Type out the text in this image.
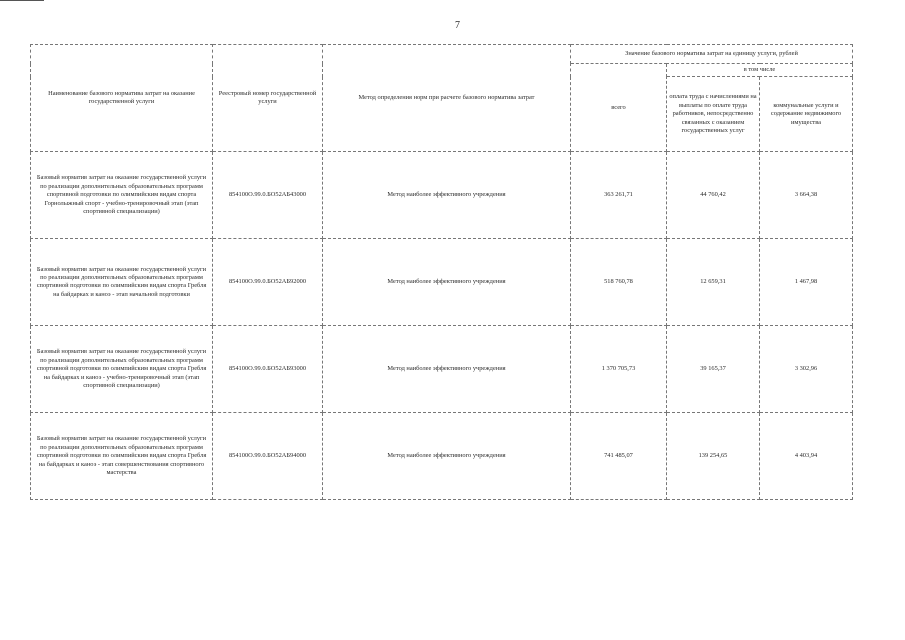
7
Наименование базового норматива затрат на оказание государственной услуги	Реестровый номер государственной услуги	Метод определения норм при расчете базового норматива затрат	Значение базового норматива затрат на единицу услуги, рублей		
			всего	в том числе	
				оплата труда с начислениями на выплаты по оплате труда работников, непосредственно связанных с оказанием государственных услуг	коммунальные услуги и содержание недвижимого имущества
Базовый норматив затрат на оказание государственной услуги по реализации дополнительных образовательных программ спортивной подготовки по олимпийским видам спорта Горнолыжный спорт - учебно-тренировочный этап (этап спортивной специализации)	854100О.99.0.БО52АБ43000	Метод наиболее эффективного учреждения	363 261,71	44 760,42	3 664,38
Базовый норматив затрат на оказание государственной услуги по реализации дополнительных образовательных программ спортивной подготовки по олимпийским видам спорта Гребля на байдарках и каноэ - этап начальной подготовки	854100О.99.0.БО52АБ92000	Метод наиболее эффективного учреждения	518 760,78	12 659,31	1 467,98
Базовый норматив затрат на оказание государственной услуги по реализации дополнительных образовательных программ спортивной подготовки по олимпийским видам спорта Гребля на байдарках и каноэ - учебно-тренировочный этап (этап спортивной специализации)	854100О.99.0.БО52АБ93000	Метод наиболее эффективного учреждения	1 370 705,73	39 165,37	3 302,96
Базовый норматив затрат на оказание государственной услуги по реализации дополнительных образовательных программ спортивной подготовки по олимпийским видам спорта Гребля на байдарках и каноэ - этап совершенствования спортивного мастерства	854100О.99.0.БО52АБ94000	Метод наиболее эффективного учреждения	741 485,07	139 254,65	4 403,94
